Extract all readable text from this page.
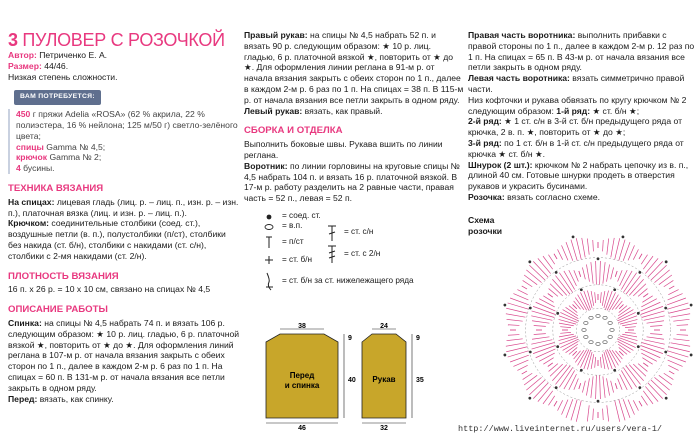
3 ПУЛОВЕР С РОЗОЧКОЙ

Автор: Петриченко Е. А.

Размер: 44/46.

Низкая степень сложности.

ВАМ ПОТРЕБУЕТСЯ:

450 г пряжи Adelia «ROSA» (62 % акрила, 22 % полиэстера, 16 % нейлона; 125 м/50 г) светло-зелёного цвета;

спицы Gamma № 4,5;

крючок Gamma № 2;

4 бусины.

ТЕХНИКА ВЯЗАНИЯ

На спицах: лицевая гладь (лиц. р. – лиц. п., изн. р. – изн. п.), платочная вязка (лиц. и изн. р. – лиц. п.).

Крючком: соединительные столбики (соед. ст.), воздушные петли (в. п.), полустолбики (п/ст), столбики без накида (ст. б/н), столбики с накидами (ст. с/н), столбики с 2-мя накидами (ст. 2/н).

ПЛОТНОСТЬ ВЯЗАНИЯ

16 п. х 26 р. = 10 х 10 см, связано на спицах № 4,5

ОПИСАНИЕ РАБОТЫ

Спинка: на спицы № 4,5 набрать 74 п. и вязать 106 р. следующим образом: ★ 10 р. лиц. гладью, 6 р. платочной вязкой ★, повторить от ★ до ★. Для оформления линий реглана в 107-м р. от начала вязания закрыть с обеих сторон по 1 п., далее в каждом 2-м р. 6 раз по 1 п. На спицах = 60 п. В 131-м р. от начала вязания все петли закрыть в одном ряду.

Перед: вязать, как спинку.

Правый рукав: на спицы № 4,5 набрать 52 п. и вязать 90 р. следующим образом: ★ 10 р. лиц. гладью, 6 р. платочной вязкой ★, повторить от ★ до ★. Для оформления линии реглана в 91-м р. от начала вязания закрыть с обеих сторон по 1 п., далее в каждом 2-м р. 6 раз по 1 п. На спицах = 38 п. В 115-м р. от начала вязания все петли закрыть в одном ряду.

Левый рукав: вязать, как правый.

СБОРКА И ОТДЕЛКА

Выполнить боковые швы. Рукава вшить по линии реглана.

Воротник: по линии горловины на круговые спицы № 4,5 набрать 104 п. и вязать 16 р. платочной вязкой. В 17-м р. работу разделить на 2 равные части, правая часть = 52 п., левая = 52 п.

= соед. ст.
= в.п.
= п/ст
= ст. б/н
= ст. с/н
= ст. с 2/н
= ст. б/н за ст. нижележащего ряда
Перед
и спинка
38
9
40
46
Рукав
24
9
35
32

Правая часть воротника: выполнить прибавки с правой стороны по 1 п., далее в каждом 2-м р. 12 раз по 1 п. На спицах = 65 п. В 43-м р. от начала вязания все петли закрыть в одном ряду.

Левая часть воротника: вязать симметрично правой части.

Низ кофточки и рукава обвязать по кругу крючком № 2 следующим образом: 1-й ряд: ★ ст. б/н ★;

2-й ряд: ★ 1 ст. с/н в 3-й ст. б/н предыдущего ряда от крючка, 2 в. п. ★, повторить от ★ до ★;

3-й ряд: по 1 ст. б/н в 1-й ст. с/н предыдущего ряда от крючка ★ ст. б/н ★.

Шнурок (2 шт.): крючком № 2 набрать цепочку из в. п., длиной 40 см. Готовые шнурки продеть в отверстия рукавов и украсить бусинами.

Розочка: вязать согласно схеме.

Схема
розочки

http://www.liveinternet.ru/users/vera-1/
